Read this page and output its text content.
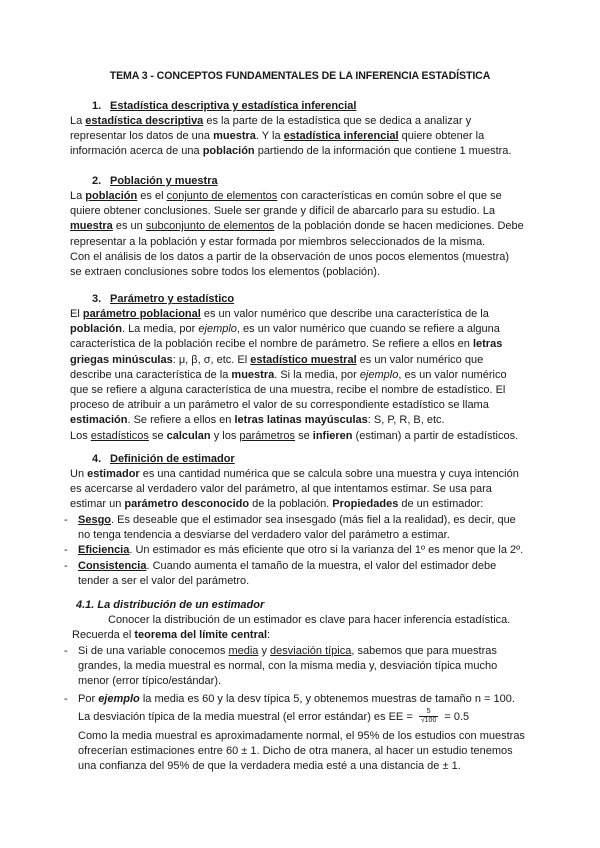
TEMA 3 - CONCEPTOS FUNDAMENTALES DE LA INFERENCIA ESTADÍSTICA
1. Estadística descriptiva y estadística inferencial
La estadística descriptiva es la parte de la estadística que se dedica a analizar y
representar los datos de una muestra. Y la estadística inferencial quiere obtener la
información acerca de una población partiendo de la información que contiene 1 muestra.
2. Población y muestra
La población es el conjunto de elementos con características en común sobre el que se
quiere obtener conclusiones. Suele ser grande y difícil de abarcarlo para su estudio. La
muestra es un subconjunto de elementos de la población donde se hacen mediciones. Debe
representar a la población y estar formada por miembros seleccionados de la misma.
Con el análisis de los datos a partir de la observación de unos pocos elementos (muestra)
se extraen conclusiones sobre todos los elementos (población).
3. Parámetro y estadístico
El parámetro poblacional es un valor numérico que describe una característica de la
población. La media, por ejemplo, es un valor numérico que cuando se refiere a alguna
característica de la población recibe el nombre de parámetro. Se refiere a ellos en letras
griegas minúsculas: μ, β, σ, etc. El estadístico muestral es un valor numérico que
describe una característica de la muestra. Si la media, por ejemplo, es un valor numérico
que se refiere a alguna característica de una muestra, recibe el nombre de estadístico. El
proceso de atribuir a un parámetro el valor de su correspondiente estadístico se llama
estimación. Se refiere a ellos en letras latinas mayúsculas: S, P, R, B, etc.
Los estadísticos se calculan y los parámetros se infieren (estiman) a partir de estadísticos.
4. Definición de estimador
Un estimador es una cantidad numérica que se calcula sobre una muestra y cuya intención
es acercarse al verdadero valor del parámetro, al que intentamos estimar. Se usa para
estimar un parámetro desconocido de la población. Propiedades de un estimador:
- Sesgo. Es deseable que el estimador sea insesgado (más fiel a la realidad), es decir, que
no tenga tendencia a desviarse del verdadero valor del parámetro a estimar.
- Eficiencia. Un estimador es más eficiente que otro si la varianza del 1º es menor que la 2º.
- Consistencia. Cuando aumenta el tamaño de la muestra, el valor del estimador debe
tender a ser el valor del parámetro.
4.1. La distribución de un estimador
Conocer la distribución de un estimador es clave para hacer inferencia estadística.
Recuerda el teorema del límite central:
- Si de una variable conocemos media y desviación típica, sabemos que para muestras
grandes, la media muestral es normal, con la misma media y, desviación típica mucho
menor (error típico/estándar).
- Por ejemplo la media es 60 y la desv típica 5, y obtenemos muestras de tamaño n = 100.
La desviación típica de la media muestral (el error estándar) es EE = $\frac{5}{√100} = 0.5$
Como la media muestral es aproximadamente normal, el 95% de los estudios con muestras
ofrecerían estimaciones entre 60 ± 1. Dicho de otra manera, al hacer un estudio tenemos
una confianza del 95% de que la verdadera media esté a una distancia de ± 1.
